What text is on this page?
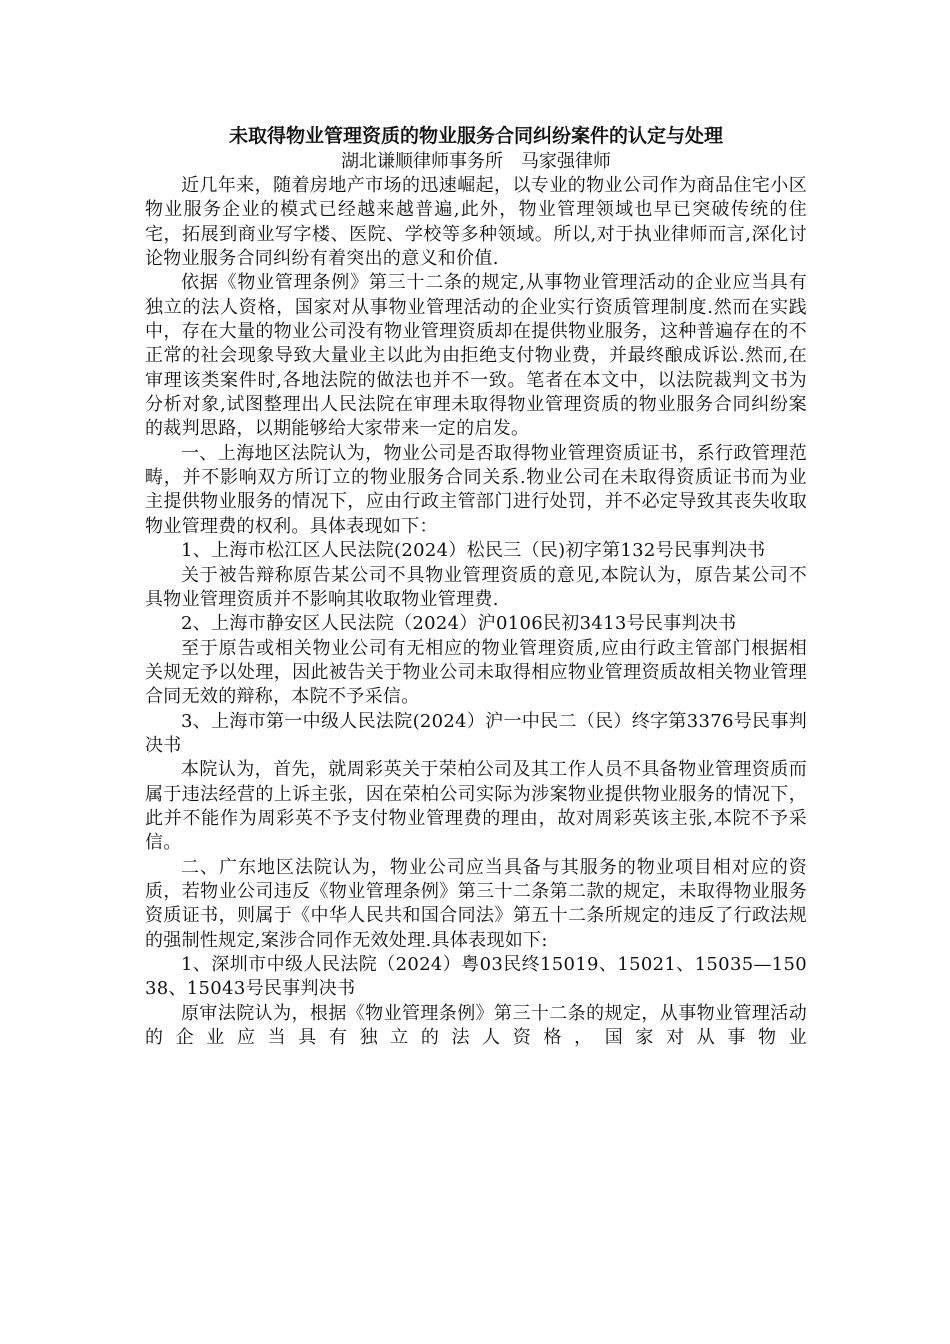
未取得物业管理资质的物业服务合同纠纷案件的认定与处理

湖北谦顺律师事务所　马家强律师

近几年来，随着房地产市场的迅速崛起，以专业的物业公司作为商品住宅小区物业服务企业的模式已经越来越普遍,此外，物业管理领域也早已突破传统的住宅，拓展到商业写字楼、医院、学校等多种领域。所以,对于执业律师而言,深化讨论物业服务合同纠纷有着突出的意义和价值.

依据《物业管理条例》第三十二条的规定,从事物业管理活动的企业应当具有独立的法人资格，国家对从事物业管理活动的企业实行资质管理制度.然而在实践中，存在大量的物业公司没有物业管理资质却在提供物业服务，这种普遍存在的不正常的社会现象导致大量业主以此为由拒绝支付物业费，并最终酿成诉讼.然而,在审理该类案件时,各地法院的做法也并不一致。笔者在本文中，以法院裁判文书为分析对象,试图整理出人民法院在审理未取得物业管理资质的物业服务合同纠纷案的裁判思路，以期能够给大家带来一定的启发。

一、上海地区法院认为，物业公司是否取得物业管理资质证书，系行政管理范畴，并不影响双方所订立的物业服务合同关系.物业公司在未取得资质证书而为业主提供物业服务的情况下，应由行政主管部门进行处罚，并不必定导致其丧失收取物业管理费的权利。具体表现如下：

1、上海市松江区人民法院(2024）松民三（民)初字第132号民事判决书

关于被告辩称原告某公司不具物业管理资质的意见,本院认为，原告某公司不具物业管理资质并不影响其收取物业管理费.

2、上海市静安区人民法院（2024）沪0106民初3413号民事判决书

至于原告或相关物业公司有无相应的物业管理资质,应由行政主管部门根据相关规定予以处理，因此被告关于物业公司未取得相应物业管理资质故相关物业管理合同无效的辩称，本院不予采信。

3、上海市第一中级人民法院(2024）沪一中民二（民）终字第3376号民事判决书

本院认为，首先，就周彩英关于荣柏公司及其工作人员不具备物业管理资质而属于违法经营的上诉主张，因在荣柏公司实际为涉案物业提供物业服务的情况下，此并不能作为周彩英不予支付物业管理费的理由，故对周彩英该主张,本院不予采信。

二、广东地区法院认为，物业公司应当具备与其服务的物业项目相对应的资质，若物业公司违反《物业管理条例》第三十二条第二款的规定，未取得物业服务资质证书，则属于《中华人民共和国合同法》第五十二条所规定的违反了行政法规的强制性规定,案涉合同作无效处理.具体表现如下:

1、深圳市中级人民法院（2024）粤03民终15019、15021、15035—15038、15043号民事判决书

原审法院认为，根据《物业管理条例》第三十二条的规定，从事物业管理活动的企业应当具有独立的法人资格，国家对从事物业
